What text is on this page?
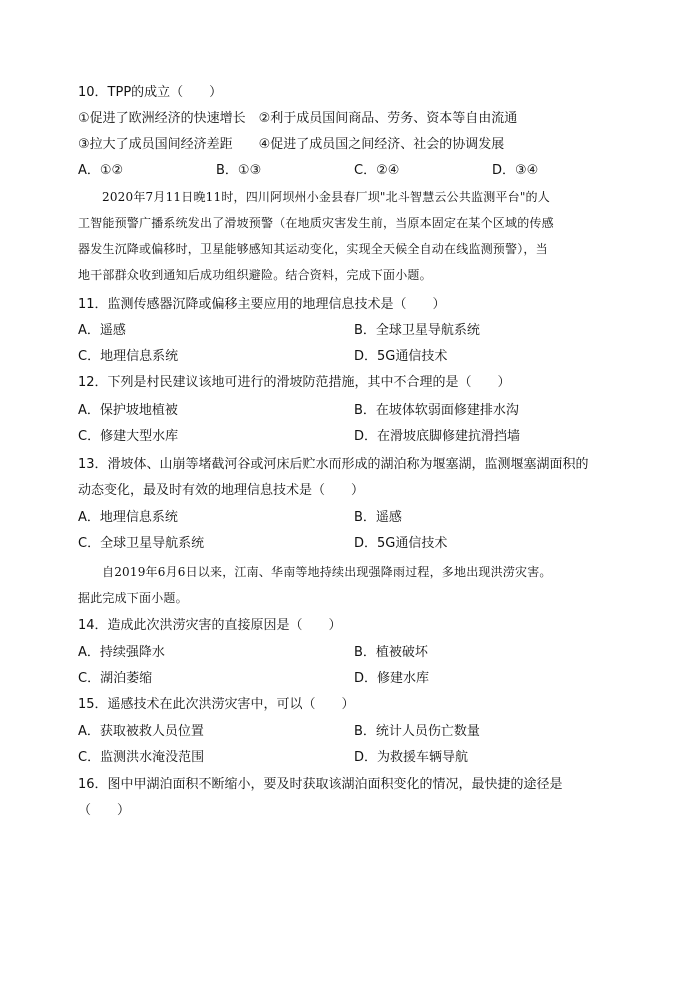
10．TPP的成立（　　）
①促进了欧洲经济的快速增长　②利于成员国间商品、劳务、资本等自由流通
③拉大了成员国间经济差距　　④促进了成员国之间经济、社会的协调发展
A．①②	B．①③	C．②④	D．③④
2020年7月11日晚11时，四川阿坝州小金县春厂坝"北斗智慧云公共监测平台"的人
工智能预警广播系统发出了滑坡预警（在地质灾害发生前，当原本固定在某个区域的传感
器发生沉降或偏移时，卫星能够感知其运动变化，实现全天候全自动在线监测预警），当
地干部群众收到通知后成功组织避险。结合资料，完成下面小题。
11．监测传感器沉降或偏移主要应用的地理信息技术是（　　）
A．遥感	B．全球卫星导航系统
C．地理信息系统	D．5G通信技术
12．下列是村民建议该地可进行的滑坡防范措施，其中不合理的是（　　）
A．保护坡地植被	B．在坡体软弱面修建排水沟
C．修建大型水库	D．在滑坡底脚修建抗滑挡墙
13．滑坡体、山崩等堵截河谷或河床后贮水而形成的湖泊称为堰塞湖，监测堰塞湖面积的
动态变化，最及时有效的地理信息技术是（　　）
A．地理信息系统	B．遥感
C．全球卫星导航系统	D．5G通信技术
自2019年6月6日以来，江南、华南等地持续出现强降雨过程，多地出现洪涝灾害。
据此完成下面小题。
14．造成此次洪涝灾害的直接原因是（　　）
A．持续强降水	B．植被破坏
C．湖泊萎缩	D．修建水库
15．遥感技术在此次洪涝灾害中，可以（　　）
A．获取被救人员位置	B．统计人员伤亡数量
C．监测洪水淹没范围	D．为救援车辆导航
16．图中甲湖泊面积不断缩小，要及时获取该湖泊面积变化的情况，最快捷的途径是
（　　）
